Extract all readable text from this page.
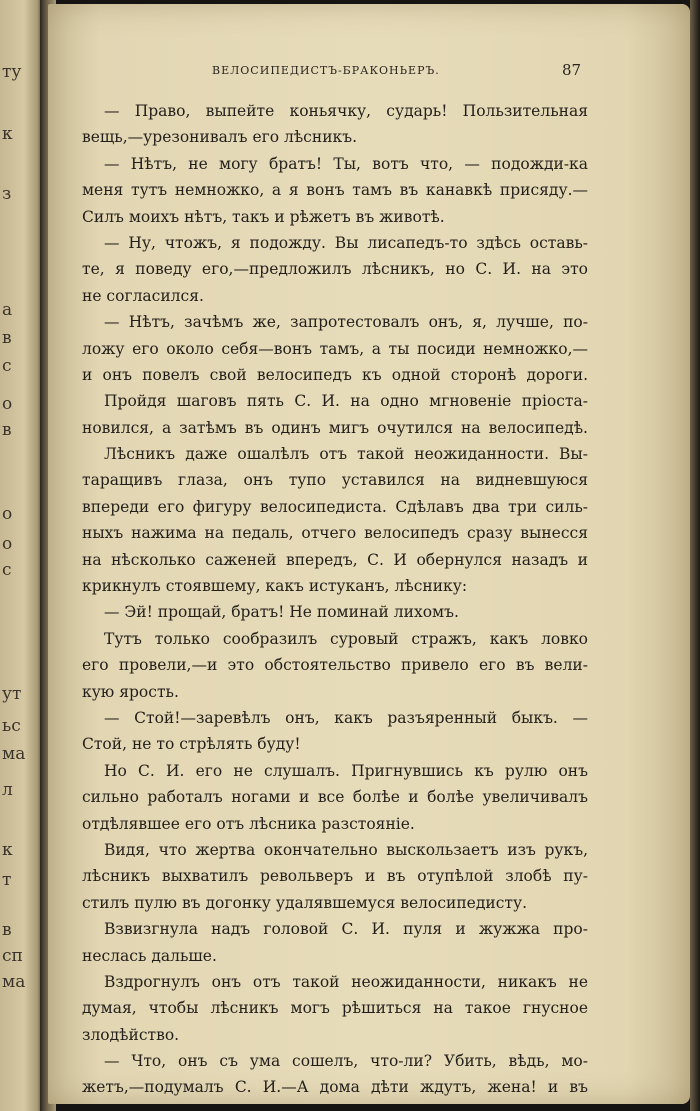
ту
к
з
а
в
с
о
в
о
о
с
ут
ьс
ма
л
к
т
в
сп
ма
ВЕЛОСИПЕДИСТЪ-БРАКОНЬЕРЪ.	87
— Право, выпейте коньячку, сударь! Пользительная
вещь,—урезонивалъ его лѣсникъ.
— Нѣтъ, не могу братъ! Ты, вотъ что, — подожди-ка
меня тутъ немножко, а я вонъ тамъ въ канавкѣ присяду.—
Силъ моихъ нѣтъ, такъ и рѣжетъ въ животѣ.
— Ну, чтожъ, я подожду. Вы лисапедъ-то здѣсь оставь-
те, я поведу его,—предложилъ лѣсникъ, но С. И. на это
не согласился.
— Нѣтъ, зачѣмъ же, запротестовалъ онъ, я, лучше, по-
ложу его около себя—вонъ тамъ, а ты посиди немножко,—
и онъ повелъ свой велосипедъ къ одной сторонѣ дороги.
Пройдя шаговъ пять С. И. на одно мгновеніе пріоста-
новился, а затѣмъ въ одинъ мигъ очутился на велосипедѣ.
Лѣсникъ даже ошалѣлъ отъ такой неожиданности. Вы-
таращивъ глаза, онъ тупо уставился на видневшуюся
впереди его фигуру велосипедиста. Сдѣлавъ два три силь-
ныхъ нажима на педаль, отчего велосипедъ сразу вынесся
на нѣсколько саженей впередъ, С. И обернулся назадъ и
крикнулъ стоявшему, какъ истуканъ, лѣснику:
— Эй! прощай, братъ! Не поминай лихомъ.
Тутъ только сообразилъ суровый стражъ, какъ ловко
его провели,—и это обстоятельство привело его въ вели-
кую ярость.
— Стой!—заревѣлъ онъ, какъ разъяренный быкъ. —
Стой, не то стрѣлять буду!
Но С. И. его не слушалъ. Пригнувшись къ рулю онъ
сильно работалъ ногами и все болѣе и болѣе увеличивалъ
отдѣлявшее его отъ лѣсника разстояніе.
Видя, что жертва окончательно выскользаетъ изъ рукъ,
лѣсникъ выхватилъ револьверъ и въ отупѣлой злобѣ пу-
стилъ пулю въ догонку удалявшемуся велосипедисту.
Взвизгнула надъ головой С. И. пуля и жужжа про-
неслась дальше.
Вздрогнулъ онъ отъ такой неожиданности, никакъ не
думая, чтобы лѣсникъ могъ рѣшиться на такое гнусное
злодѣйство.
— Что, онъ съ ума сошелъ, что-ли? Убить, вѣдь, мо-
жетъ,—подумалъ С. И.—А дома дѣти ждутъ, жена! и въ
